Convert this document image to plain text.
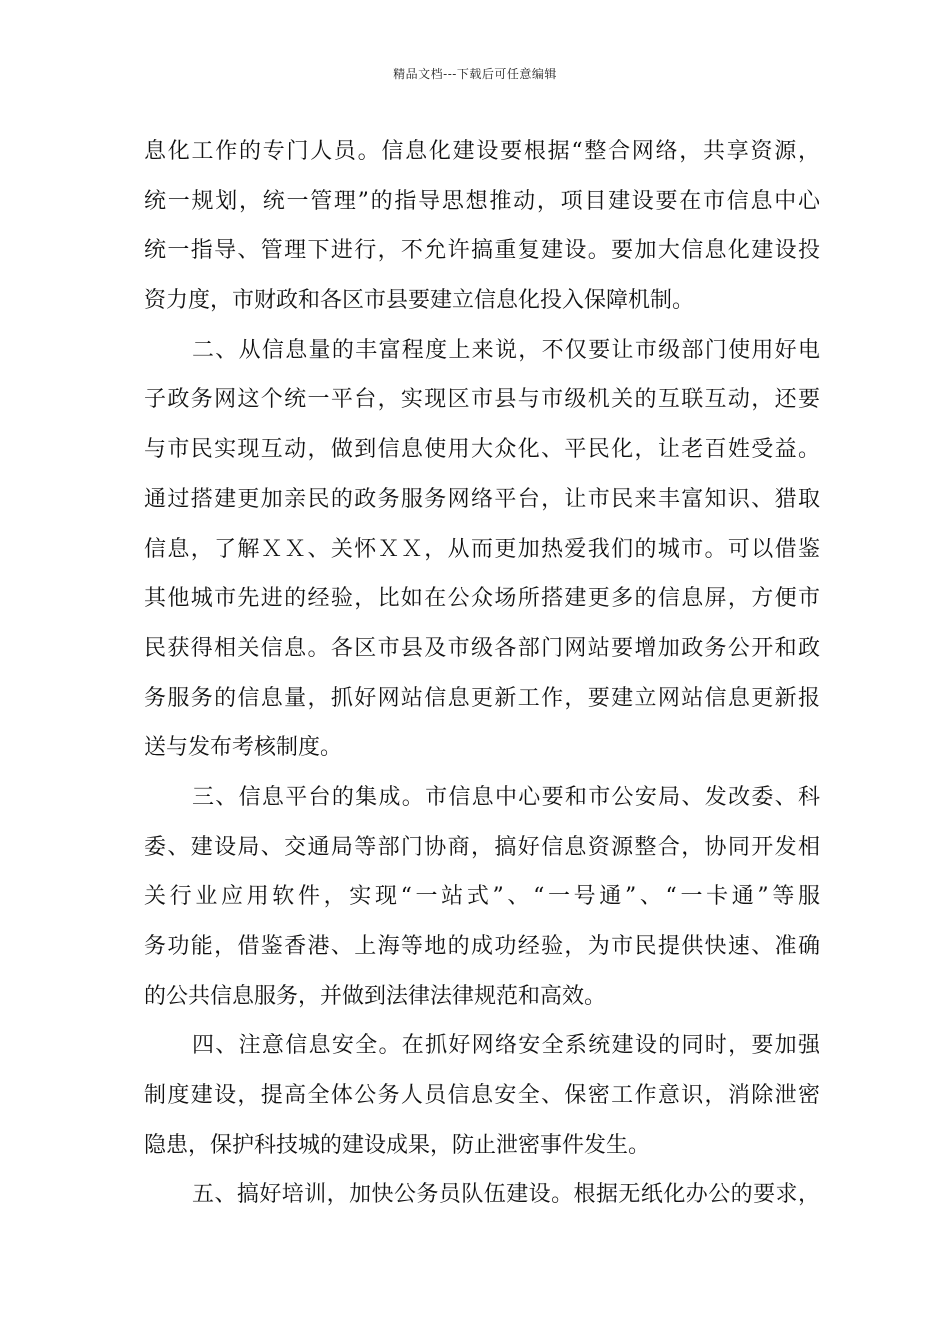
精品文档---下载后可任意编辑
息化工作的专门人员。信息化建设要根据“整合网络，共享资源，
统一规划，统一管理”的指导思想推动，项目建设要在市信息中心
统一指导、管理下进行，不允许搞重复建设。要加大信息化建设投
资力度，市财政和各区市县要建立信息化投入保障机制。
二、从信息量的丰富程度上来说，不仅要让市级部门使用好电
子政务网这个统一平台，实现区市县与市级机关的互联互动，还要
与市民实现互动，做到信息使用大众化、平民化，让老百姓受益。
通过搭建更加亲民的政务服务网络平台，让市民来丰富知识、猎取
信息，了解ＸＸ、关怀ＸＸ，从而更加热爱我们的城市。可以借鉴
其他城市先进的经验，比如在公众场所搭建更多的信息屏，方便市
民获得相关信息。各区市县及市级各部门网站要增加政务公开和政
务服务的信息量，抓好网站信息更新工作，要建立网站信息更新报
送与发布考核制度。
三、信息平台的集成。市信息中心要和市公安局、发改委、科
委、建设局、交通局等部门协商，搞好信息资源整合，协同开发相
关行业应用软件，实现“一站式”、“一号通”、“一卡通”等服
务功能，借鉴香港、上海等地的成功经验，为市民提供快速、准确
的公共信息服务，并做到法律法律规范和高效。
四、注意信息安全。在抓好网络安全系统建设的同时，要加强
制度建设，提高全体公务人员信息安全、保密工作意识，消除泄密
隐患，保护科技城的建设成果，防止泄密事件发生。
五、搞好培训，加快公务员队伍建设。根据无纸化办公的要求，
